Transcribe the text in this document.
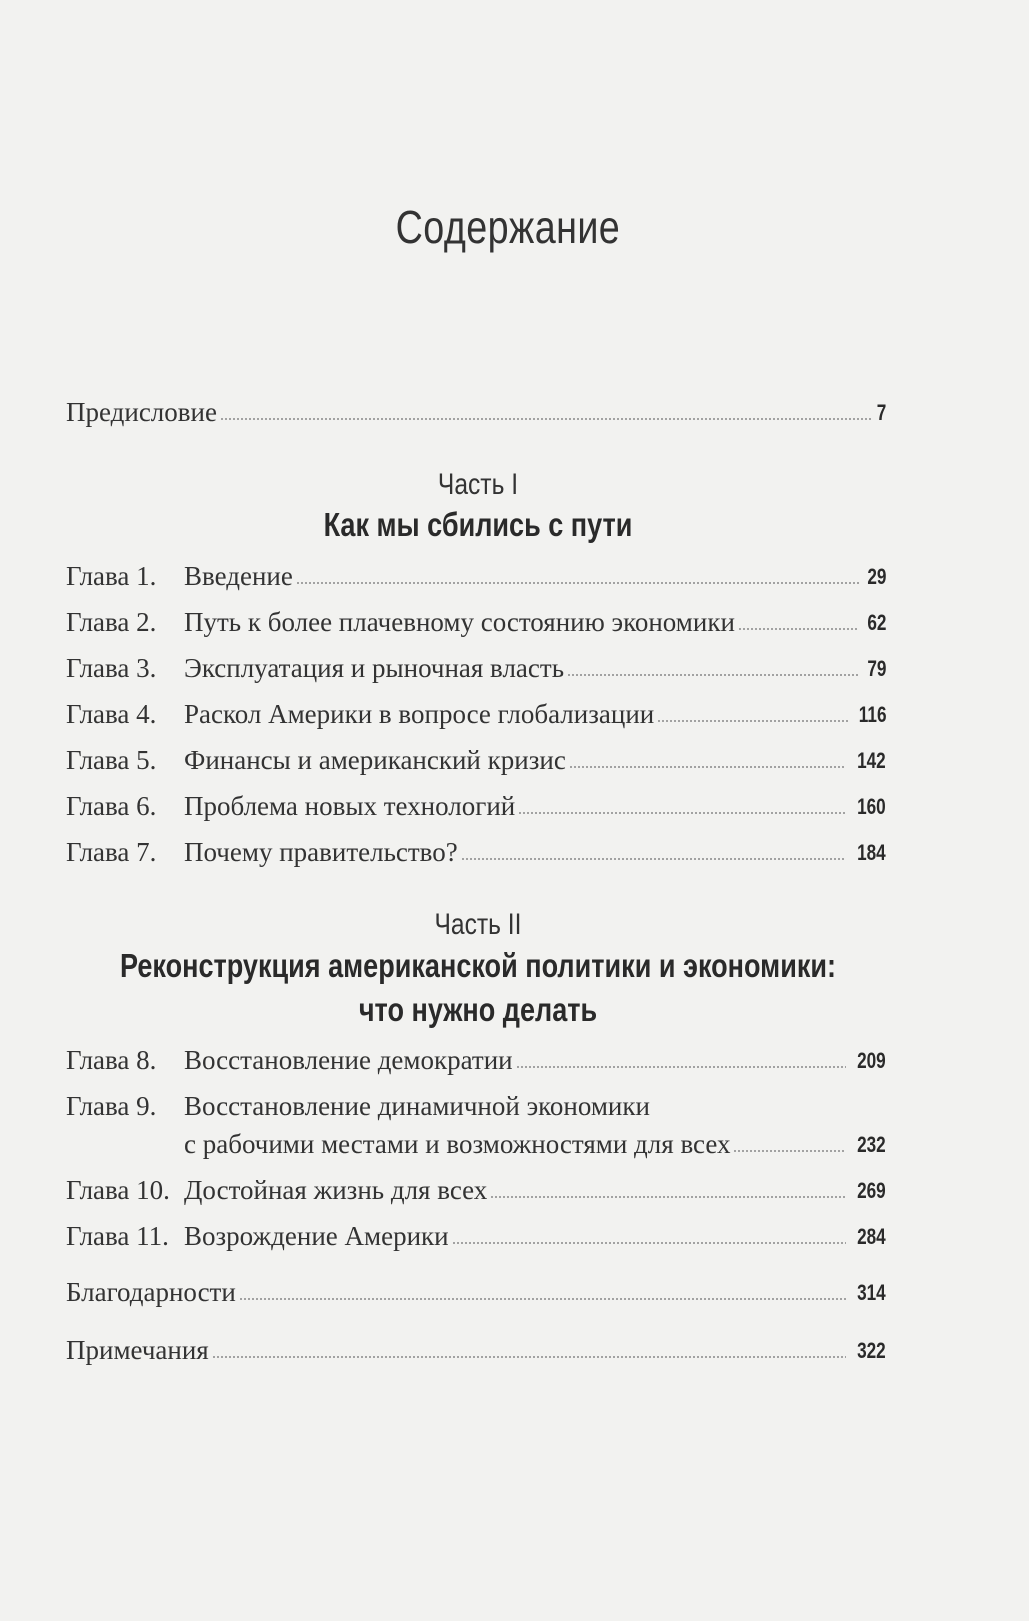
Содержание
Предисловие	7
Часть I
Как мы сбились с пути
Глава 1.	Введение	29
Глава 2.	Путь к более плачевному состоянию экономики	62
Глава 3.	Эксплуатация и рыночная власть	79
Глава 4.	Раскол Америки в вопросе глобализации	116
Глава 5.	Финансы и американский кризис	142
Глава 6.	Проблема новых технологий	160
Глава 7.	Почему правительство?	184
Часть II
Реконструкция американской политики и экономики:
что нужно делать
Глава 8.	Восстановление демократии	209
Глава 9.	Восстановление динамичной экономики
с рабочими местами и возможностями для всех	232
Глава 10. Достойная жизнь для всех	269
Глава 11. Возрождение Америки	284
Благодарности	314
Примечания	322
